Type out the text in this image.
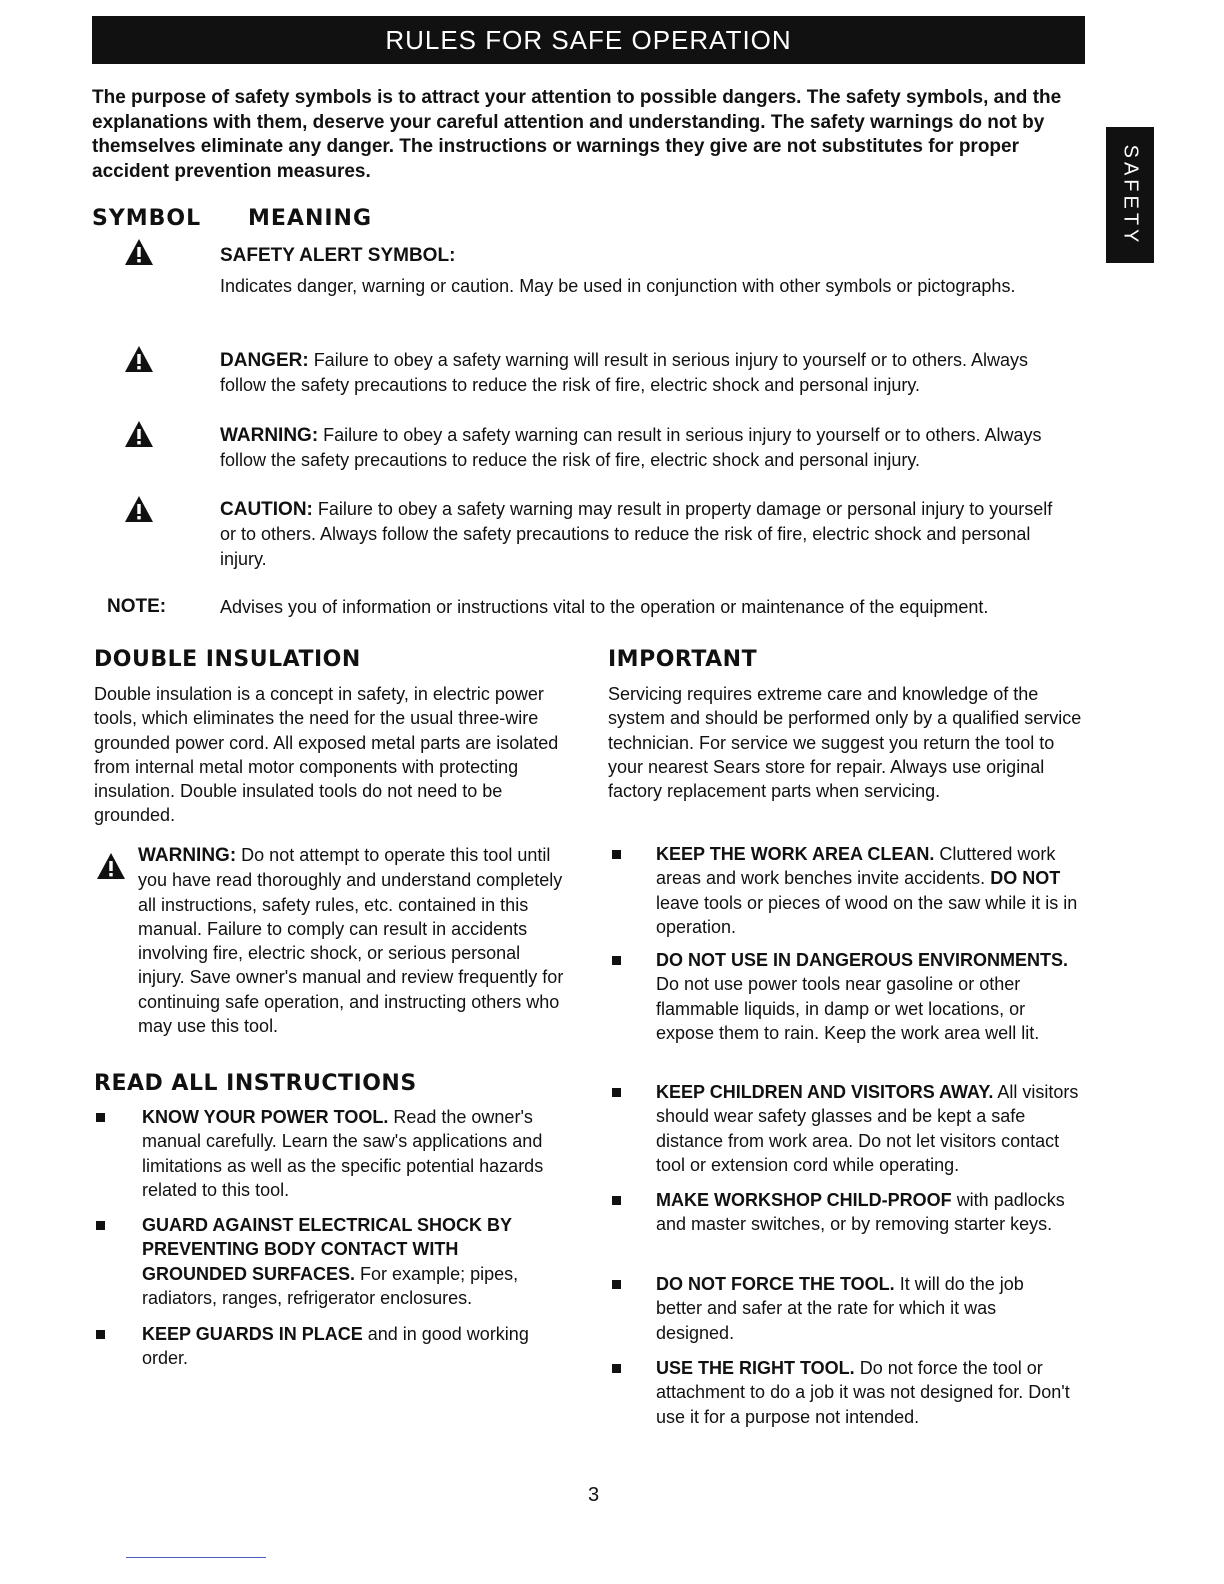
RULES FOR SAFE OPERATION
SAFETY
The purpose of safety symbols is to attract your attention to possible dangers. The safety symbols, and the explanations with them, deserve your careful attention and understanding. The safety warnings do not by themselves eliminate any danger. The instructions or warnings they give are not substitutes for proper accident prevention measures.
SYMBOL MEANING
SAFETY ALERT SYMBOL:
Indicates danger, warning or caution. May be used in conjunction with other symbols or pictographs.
DANGER: Failure to obey a safety warning will result in serious injury to yourself or to others. Always follow the safety precautions to reduce the risk of fire, electric shock and personal injury.
WARNING: Failure to obey a safety warning can result in serious injury to yourself or to others. Always follow the safety precautions to reduce the risk of fire, electric shock and personal injury.
CAUTION: Failure to obey a safety warning may result in property damage or personal injury to yourself or to others. Always follow the safety precautions to reduce the risk of fire, electric shock and personal injury.
NOTE:	Advises you of information or instructions vital to the operation or maintenance of the equipment.
DOUBLE INSULATION
Double insulation is a concept in safety, in electric power tools, which eliminates the need for the usual three-wire grounded power cord. All exposed metal parts are isolated from internal metal motor components with protecting insulation. Double insulated tools do not need to be grounded.
WARNING: Do not attempt to operate this tool until you have read thoroughly and understand completely all instructions, safety rules, etc. contained in this manual. Failure to comply can result in accidents involving fire, electric shock, or serious personal injury. Save owner's manual and review frequently for continuing safe operation, and instructing others who may use this tool.
READ ALL INSTRUCTIONS
KNOW YOUR POWER TOOL. Read the owner's manual carefully. Learn the saw's applications and limitations as well as the specific potential hazards related to this tool.
GUARD AGAINST ELECTRICAL SHOCK BY PREVENTING BODY CONTACT WITH GROUNDED SURFACES. For example; pipes, radiators, ranges, refrigerator enclosures.
KEEP GUARDS IN PLACE and in good working order.
IMPORTANT
Servicing requires extreme care and knowledge of the system and should be performed only by a qualified service technician. For service we suggest you return the tool to your nearest Sears store for repair. Always use original factory replacement parts when servicing.
KEEP THE WORK AREA CLEAN. Cluttered work areas and work benches invite accidents. DO NOT leave tools or pieces of wood on the saw while it is in operation.
DO NOT USE IN DANGEROUS ENVIRONMENTS. Do not use power tools near gasoline or other flammable liquids, in damp or wet locations, or expose them to rain. Keep the work area well lit.
KEEP CHILDREN AND VISITORS AWAY. All visitors should wear safety glasses and be kept a safe distance from work area. Do not let visitors contact tool or extension cord while operating.
MAKE WORKSHOP CHILD-PROOF with padlocks and master switches, or by removing starter keys.
DO NOT FORCE THE TOOL. It will do the job better and safer at the rate for which it was designed.
USE THE RIGHT TOOL. Do not force the tool or attachment to do a job it was not designed for. Don't use it for a purpose not intended.
3
